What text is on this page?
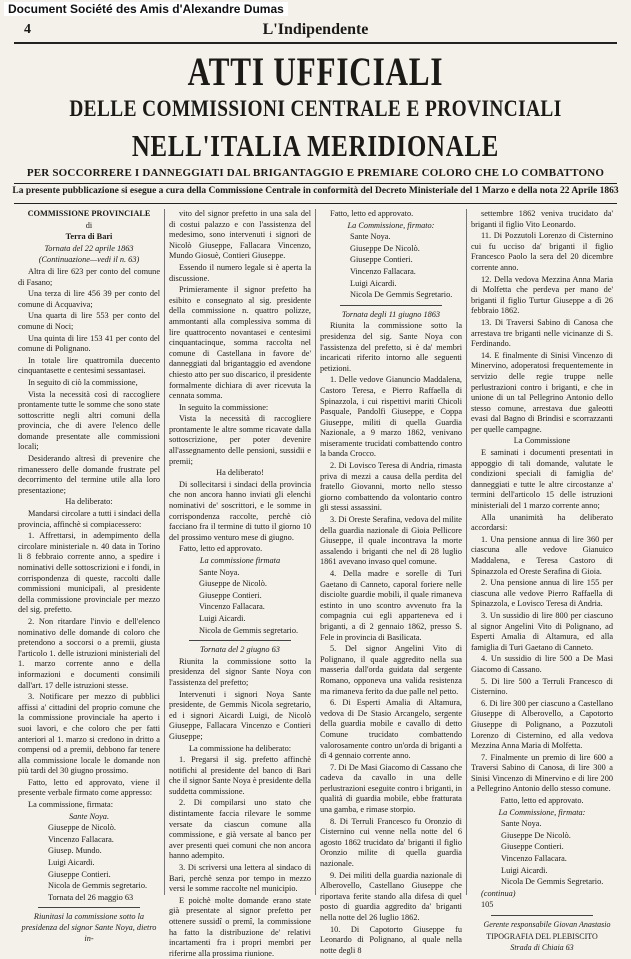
Document Société des Amis d'Alexandre Dumas
4	L'Indipendente
ATTI UFFICIALI
DELLE COMMISSIONI CENTRALE E PROVINCIALI
NELL'ITALIA MERIDIONALE
PER SOCCORRERE I DANNEGGIATI DAL BRIGANTAGGIO E PREMIARE COLORO CHE LO COMBATTONO
La presente pubblicazione si esegue a cura della Commissione Centrale in conformità del Decreto Ministeriale del 1 Marzo e della nota 22 Aprile 1863

COMMISSIONE PROVINCIALE

di

Terra di Bari

Tornata del 22 aprile 1863

(Continuazione—vedi il n. 63)

Altra di lire 623 per conto del comune di Fasano;

Una terza di lire 456 39 per conto del comune di Acquaviva;

Una quarta di lire 553 per conto del comune di Noci;

Una quinta di lire 153 41 per conto del comune di Polignano.

In totale lire quattromila duecento cinquantasette e centesimi sessantasei.

In seguito di ciò la commissione,

Vista la necessità così di raccogliere prontamente tutte le somme che sono state sottoscritte negli altri comuni della provincia, che di avere l'elenco delle domande presentate alle commissioni locali;

Desiderando altresì di prevenire che rimanessero delle domande frustrate pel decorrimento del termine utile alla loro presentazione;

Ha deliberato:

Mandarsi circolare a tutti i sindaci della provincia, affinchè si compiacessero:

1. Affrettarsi, in adempimento della circolare ministeriale n. 40 data in Torino li 8 febbraio corrente anno, a spedire i nominativi delle sottoscrizioni e i fondi, in corrispondenza di queste, raccolti dalle commissioni municipali, al presidente della commissione provinciale per mezzo del sig. prefetto.

2. Non ritardare l'invio e dell'elenco nominativo delle domande di coloro che pretendono a soccorsi o a premii, giusta l'articolo 1. delle istruzioni ministeriali del 1. marzo corrente anno e della informazioni e documenti consimili dall'art. 17 delle istruzioni stesse.

3. Notificare per mezzo di pubblici affissi a' cittadini del proprio comune che la commissione provinciale ha aperto i suoi lavori, e che coloro che per fatti anteriori al 1. marzo si credono in dritto a compensi od a premii, debbono far tenere alla commissione locale le domande non più tardi del 30 giugno prossimo.

Fatto, letto ed approvato, viene il presente verbale firmato come appresso:

La commissione, firmata:

Sante Noya.

Giuseppe de Nicolò.

Vincenzo Fallacara.

Giusep. Mundo.

Luigi Aicardi.

Giuseppe Contieri.

Nicola de Gemmis segretario.

Tornata del 26 maggio 63

Riunitasi la commissione sotto la presidenza del signor Sante Noya, dietro in-

vito del signor prefetto in una sala del di costui palazzo e con l'assistenza del medesimo, sono intervenuti i signori de Nicolò Giuseppe, Fallacara Vincenzo, Mundo Giosuè, Contieri Giuseppe.

Essendo il numero legale si è aperta la discussione.

Primieramente il signor prefetto ha esibito e consegnato al sig. presidente della commissione n. quattro polizze, ammontanti alla complessiva somma di lire quattrocento novantasei e centesimi cinquantacinque, somma raccolta nel comune di Castellana in favore de' danneggiati dal brigantaggio ed avendone chiesto atto per suo discarico, il presidente formalmente dichiara di aver ricevuta la cennata somma.

In seguito la commissione:

Vista la necessità di raccogliere prontamente le altre somme ricavate dalla sottoscrizione, per poter devenire all'assegnamento delle pensioni, sussidii e premii;

Ha deliberato!

Di sollecitarsi i sindaci della provincia che non ancora hanno inviati gli elenchi nominativi de' soscrittori, e le somme in corrispondenza raccolte, perchè ciò facciano fra il termine di tutto il giorno 10 del prossimo venturo mese di giugno.

Fatto, letto ed approvato.

La commissione firmata

Sante Noya.

Giuseppe de Nicolò.

Giuseppe Contieri.

Vincenzo Fallacara.

Luigi Aicardi.

Nicola de Gemmis segretario.

Tornata del 2 giugno 63

Riunita la commissione sotto la presidenza del signor Sante Noya con l'assistenza del prefetto;

Intervenuti i signori Noya Sante presidente, de Gemmis Nicola segretario, ed i signori Aicardi Luigi, de Nicolò Giuseppe, Fallacara Vincenzo e Contieri Giuseppe;

La commissione ha deliberato:

1. Pregarsi il sig. prefetto affinchè notifichi al presidente del banco di Bari che il signor Sante Noya è presidente della suddetta commissione.

2. Di compilarsi uno stato che distintamente faccia rilevare le somme versate da ciascun comune alla commissione, e già versate al banco per aver presenti quei comuni che non ancora hanno adempito.

3. Di scriversi una lettera al sindaco di Bari, perchè senza por tempo in mezzo versi le somme raccolte nel municipio.

E poichè molte domande erano state già presentate al signor prefetto per ottenere sussidî o premî, la commissione ha fatto la distribuzione de' relativi incartamenti fra i propri membri per riferirne alla prossima riunione.

Fatto, letto ed approvato.

La Commissione, firmato:

Sante Noya.

Giuseppe De Nicolò.

Giuseppe Contieri.

Vincenzo Fallacara.

Luigi Aicardi.

Nicola De Gemmis Segretario.

Tornata degli 11 giugno 1863

Riunita la commissione sotto la presidenza del sig. Sante Noya con l'assistenza del prefetto, si è da' membri incaricati riferito intorno alle seguenti petizioni.

1. Delle vedove Gianuncio Maddalena, Castoro Teresa, e Pierro Raffaella di Spinazzola, i cui rispettivi mariti Chicoli Pasquale, Pandolfi Giuseppe, e Coppa Giuseppe, militi di quella Guardia Nazionale, a 9 marzo 1862, venivano miseramente trucidati combattendo contro la banda Crocco.

2. Di Lovisco Teresa di Andria, rimasta priva di mezzi a causa della perdita del fratello Giovanni, morto nello stesso giorno combattendo da volontario contro gli stessi assassini.

3. Di Oreste Serafina, vedova del milite della guardia nazionale di Gioia Pellicore Giuseppe, il quale incontrava la morte assalendo i briganti che nel dì 28 luglio 1861 avevano invaso quel comune.

4. Della madre e sorelle di Turi Gaetano di Canneto, caporal foriere nelle disciolte guardie mobili, il quale rimaneva estinto in uno scontro avvenuto fra la compagnia cui egli apparteneva ed i briganti, a dì 2 gennaio 1862, presso S. Fele in provincia di Basilicata.

5. Del signor Angelini Vito di Polignano, il quale aggredito nella sua masseria dall'orda guidata dal sergente Romano, opponeva una valida resistenza ma rimaneva ferito da due palle nel petto.

6. Di Esperti Amalia di Altamura, vedova di De Stasio Arcangelo, sergente della guardia mobile e cavallo di detto Comune trucidato combattendo valorosamente contro un'orda di briganti a dì 4 gennaio corrente anno.

7. Di De Masi Giacomo di Cassano che cadeva da cavallo in una delle perlustrazioni eseguite contro i briganti, in qualità di guardia mobile, ebbe fratturata una gamba, e rimase storpio.

8. Di Terruli Francesco fu Oronzio di Cisternino cui venne nella notte del 6 agosto 1862 trucidato da' briganti il figlio Oronzio milite di quella guardia nazionale.

9. Dei militi della guardia nazionale di Alberovello, Castellano Giuseppe che riportava ferite stando alla difesa di quel posto di guardia aggredito da' briganti nella notte del 26 luglio 1862.

10. Di Capotorto Giuseppe fu Leonardo di Polignano, al quale nella notte degli 8

settembre 1862 veniva trucidato da' briganti il figlio Vito Leonardo.

11. Di Pozzutoli Lorenzo di Cisternino cui fu ucciso da' briganti il figlio Francesco Paolo la sera del 20 dicembre corrente anno.

12. Della vedova Mezzina Anna Maria di Molfetta che perdeva per mano de' briganti il figlio Turtur Giuseppe a dì 26 febbraio 1862.

13. Di Traversi Sabino di Canosa che arrestava tre briganti nelle vicinanze di S. Ferdinando.

14. E finalmente di Sinisi Vincenzo di Minervino, adoperatosi frequentemente in servizio delle regie truppe nelle perlustrazioni contro i briganti, e che in unione di un tal Pellegrino Antonio dello stesso comune, arrestava due galeotti evasi dal Bagno di Brindisi e scorrazzanti per quelle campagne.

La Commissione

E saminati i documenti presentati in appoggio di tali domande, valutate le condizioni speciali di famiglia de' danneggiati e tutte le altre circostanze a' termini dell'articolo 15 delle istruzioni ministeriali del 1 marzo corrente anno;

Alla unanimità ha deliberato accordarsi:

1. Una pensione annua di lire 360 per ciascuna alle vedove Gianuico Maddalena, e Teresa Castoro di Spinazzola ed Oreste Serafina di Gioia.

2. Una pensione annua di lire 155 per ciascuna alle vedove Pierro Raffaella di Spinazzola, e Lovisco Teresa di Andria.

3. Un sussidio di lire 800 per ciascuno al signor Angelini Vito di Polignano, ad Esperti Amalia di Altamura, ed alla famiglia di Turi Gaetano di Canneto.

4. Un sussidio di lire 500 a De Masi Giacomo di Cassano.

5. Di lire 500 a Terruli Francesco di Cisternino.

6. Di lire 300 per ciascuno a Castellano Giuseppe di Alberovello, a Capotorto Giuseppe di Polignano, a Pozzutoli Lorenzo di Cisternino, ed alla vedova Mezzina Anna Maria di Molfetta.

7. Finalmente un premio di lire 600 a Traversi Sabino di Canosa, di lire 300 a Sinisi Vincenzo di Minervino e di lire 200 a Pellegrino Antonio dello stesso comune.

Fatto, letto ed approvato.

La Commissione, firmata:

Sante Noya.

Giuseppe De Nicolò.

Giuseppe Contieri.

Vincenzo Fallacara.

Luigi Aicardi.

Nicola De Gemmis Segretario.

(continua)

105

Gerente responsabile Giovan Anastasio

TIPOGRAFIA DEL PLEBISCITO

Strada di Chiaia 63
